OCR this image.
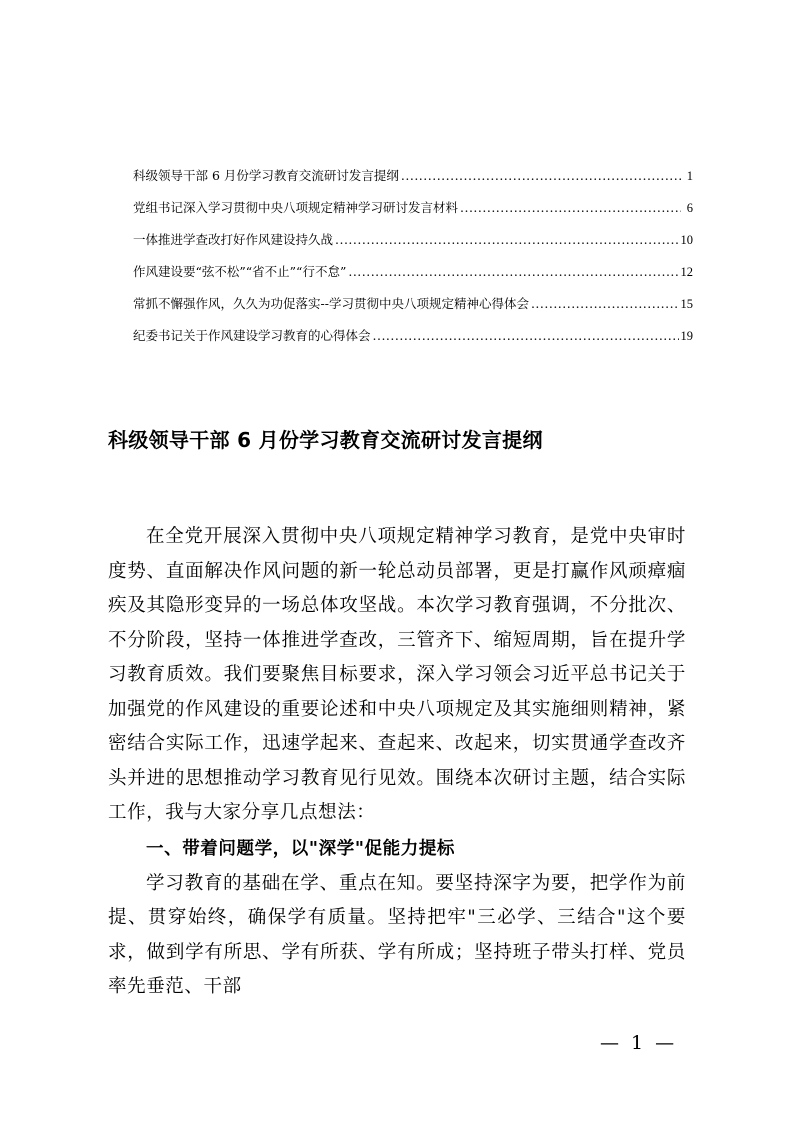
科级领导干部 6 月份学习教育交流研讨发言提纲 .....	1
党组书记深入学习贯彻中央八项规定精神学习研讨发言材料 .....	6
一体推进学查改打好作风建设持久战 .....	10
作风建设要“弦不松”“省不止”“行不怠” .....	12
常抓不懈强作风，久久为功促落实--学习贯彻中央八项规定精神心得体会 .....	15
纪委书记关于作风建设学习教育的心得体会 .....	19
科级领导干部 6 月份学习教育交流研讨发言提纲

在全党开展深入贯彻中央八项规定精神学习教育，是党中央审时度势、直面解决作风问题的新一轮总动员部署，更是打赢作风顽瘴痼疾及其隐形变异的一场总体攻坚战。本次学习教育强调，不分批次、不分阶段，坚持一体推进学查改，三管齐下、缩短周期，旨在提升学习教育质效。我们要聚焦目标要求，深入学习领会习近平总书记关于加强党的作风建设的重要论述和中央八项规定及其实施细则精神，紧密结合实际工作，迅速学起来、查起来、改起来，切实贯通学查改齐头并进的思想推动学习教育见行见效。围绕本次研讨主题，结合实际工作，我与大家分享几点想法：

一、带着问题学，以"深学"促能力提标

学习教育的基础在学、重点在知。要坚持深字为要，把学作为前提、贯穿始终，确保学有质量。坚持把牢"三必学、三结合"这个要求，做到学有所思、学有所获、学有所成；坚持班子带头打样、党员率先垂范、干部

— 1 —
